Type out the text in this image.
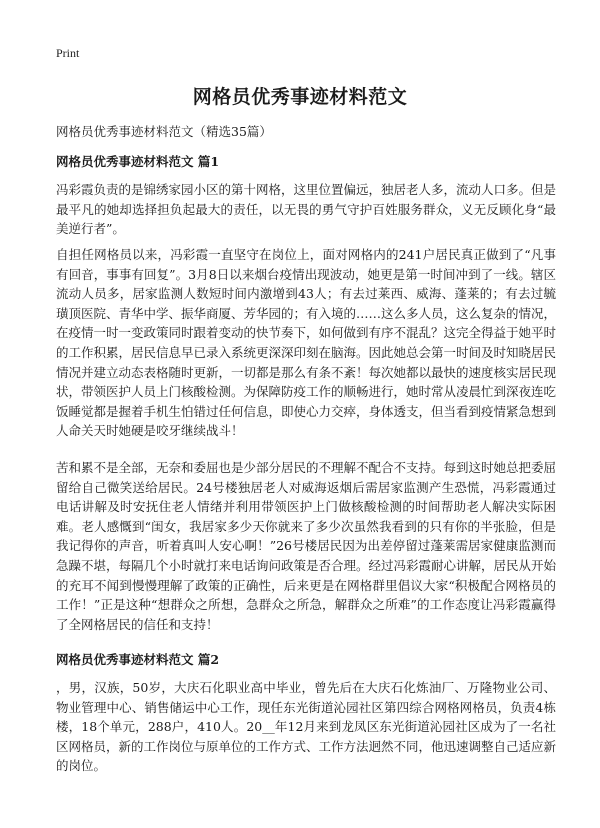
Print
网格员优秀事迹材料范文

网格员优秀事迹材料范文（精选35篇）

网格员优秀事迹材料范文 篇1

冯彩霞负责的是锦绣家园小区的第十网格，这里位置偏远，独居老人多，流动人口多。但是最平凡的她却选择担负起最大的责任，以无畏的勇气守护百姓服务群众，义无反顾化身“最美逆行者”。

自担任网格员以来，冯彩霞一直坚守在岗位上，面对网格内的241户居民真正做到了“凡事有回音，事事有回复”。3月8日以来烟台疫情出现波动，她更是第一时间冲到了一线。辖区流动人员多，居家监测人数短时间内激增到43人；有去过莱西、威海、蓬莱的；有去过毓璜顶医院、青华中学、振华商厦、芳华园的；有入境的……这么多人员，这么复杂的情况，在疫情一时一变政策同时跟着变动的快节奏下，如何做到有序不混乱？这完全得益于她平时的工作积累，居民信息早已录入系统更深深印刻在脑海。因此她总会第一时间及时知晓居民情况并建立动态表格随时更新，一切都是那么有条不紊！每次她都以最快的速度核实居民现状，带领医护人员上门核酸检测。为保障防疫工作的顺畅进行，她时常从凌晨忙到深夜连吃饭睡觉都是握着手机生怕错过任何信息，即使心力交瘁，身体透支，但当看到疫情紧急想到人命关天时她硬是咬牙继续战斗！

苦和累不是全部，无奈和委屈也是少部分居民的不理解不配合不支持。每到这时她总把委屈留给自己微笑送给居民。24号楼独居老人对威海返烟后需居家监测产生恐慌，冯彩霞通过电话讲解及时安抚住老人情绪并利用带领医护上门做核酸检测的时间帮助老人解决实际困难。老人感慨到“闺女，我居家多少天你就来了多少次虽然我看到的只有你的半张脸，但是我记得你的声音，听着真叫人安心啊！”26号楼居民因为出差停留过蓬莱需居家健康监测而急躁不堪，每隔几个小时就打来电话询问政策是否合理。经过冯彩霞耐心讲解，居民从开始的充耳不闻到慢慢理解了政策的正确性，后来更是在网格群里倡议大家“积极配合网格员的工作！”正是这种“想群众之所想，急群众之所急，解群众之所难”的工作态度让冯彩霞赢得了全网格居民的信任和支持！

网格员优秀事迹材料范文 篇2

，男，汉族，50岁，大庆石化职业高中毕业，曾先后在大庆石化炼油厂、万隆物业公司、物业管理中心、销售储运中心工作，现任东光街道沁园社区第四综合网格网格员，负责4栋楼，18个单元，288户，410人。20__年12月来到龙凤区东光街道沁园社区成为了一名社区网格员，新的工作岗位与原单位的工作方式、工作方法迥然不同，他迅速调整自己适应新的岗位。
